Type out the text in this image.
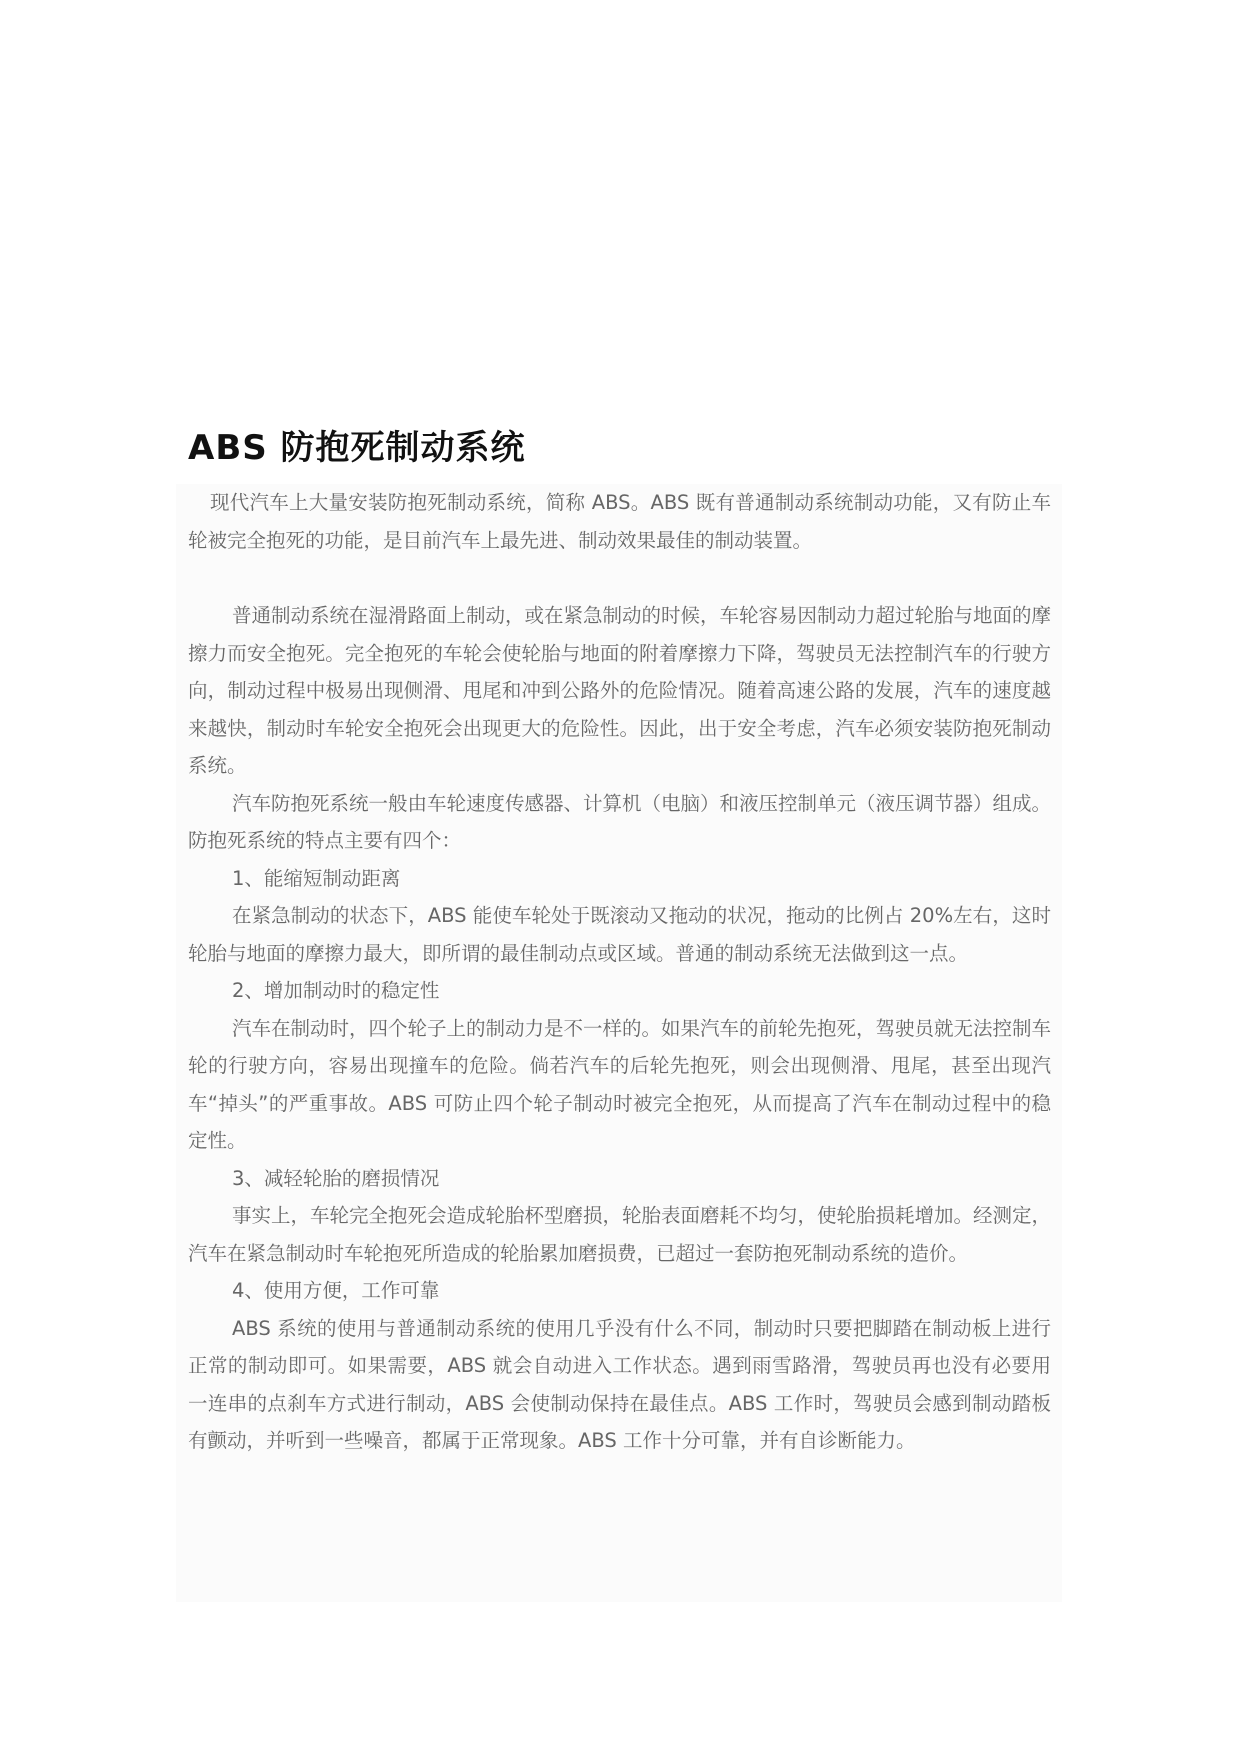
ABS 防抱死制动系统

现代汽车上大量安装防抱死制动系统，简称 ABS。ABS 既有普通制动系统制动功能，又有防止车轮被完全抱死的功能，是目前汽车上最先进、制动效果最佳的制动装置。

普通制动系统在湿滑路面上制动，或在紧急制动的时候，车轮容易因制动力超过轮胎与地面的摩擦力而安全抱死。完全抱死的车轮会使轮胎与地面的附着摩擦力下降，驾驶员无法控制汽车的行驶方向，制动过程中极易出现侧滑、甩尾和冲到公路外的危险情况。随着高速公路的发展，汽车的速度越来越快，制动时车轮安全抱死会出现更大的危险性。因此，出于安全考虑，汽车必须安装防抱死制动系统。

汽车防抱死系统一般由车轮速度传感器、计算机（电脑）和液压控制单元（液压调节器）组成。防抱死系统的特点主要有四个：

1、能缩短制动距离

在紧急制动的状态下，ABS 能使车轮处于既滚动又拖动的状况，拖动的比例占 20%左右，这时轮胎与地面的摩擦力最大，即所谓的最佳制动点或区域。普通的制动系统无法做到这一点。

2、增加制动时的稳定性

汽车在制动时，四个轮子上的制动力是不一样的。如果汽车的前轮先抱死，驾驶员就无法控制车轮的行驶方向，容易出现撞车的危险。倘若汽车的后轮先抱死，则会出现侧滑、甩尾，甚至出现汽车“掉头”的严重事故。ABS 可防止四个轮子制动时被完全抱死，从而提高了汽车在制动过程中的稳定性。

3、减轻轮胎的磨损情况

事实上，车轮完全抱死会造成轮胎杯型磨损，轮胎表面磨耗不均匀，使轮胎损耗增加。经测定，汽车在紧急制动时车轮抱死所造成的轮胎累加磨损费，已超过一套防抱死制动系统的造价。

4、使用方便，工作可靠

ABS 系统的使用与普通制动系统的使用几乎没有什么不同，制动时只要把脚踏在制动板上进行正常的制动即可。如果需要，ABS 就会自动进入工作状态。遇到雨雪路滑，驾驶员再也没有必要用一连串的点刹车方式进行制动，ABS 会使制动保持在最佳点。ABS 工作时，驾驶员会感到制动踏板有颤动，并听到一些噪音，都属于正常现象。ABS 工作十分可靠，并有自诊断能力。
